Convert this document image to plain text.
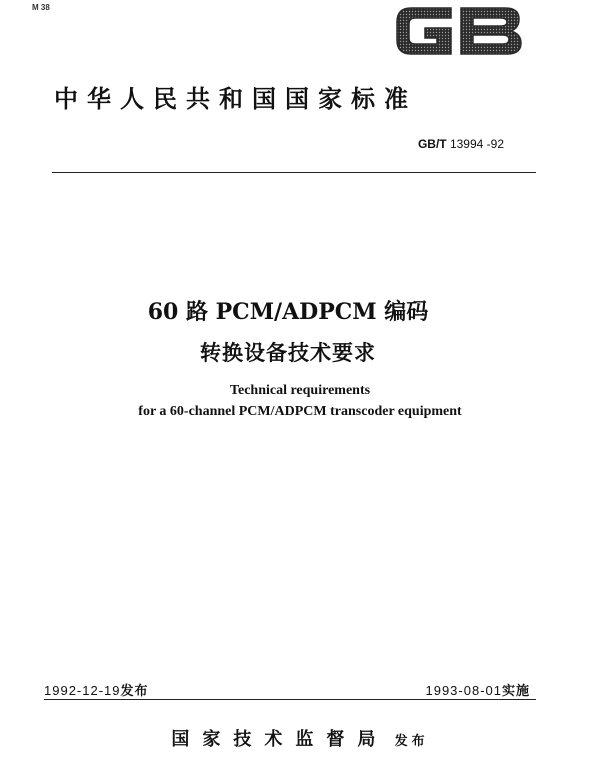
M 38
中华人民共和国国家标准
GB/T 13994 -92
60 路 PCM/ADPCM 编码
转换设备技术要求
Technical requirements
for a 60-channel PCM/ADPCM transcoder equipment
1992-12-19发布	1993-08-01实施
国家技术监督局 发布
